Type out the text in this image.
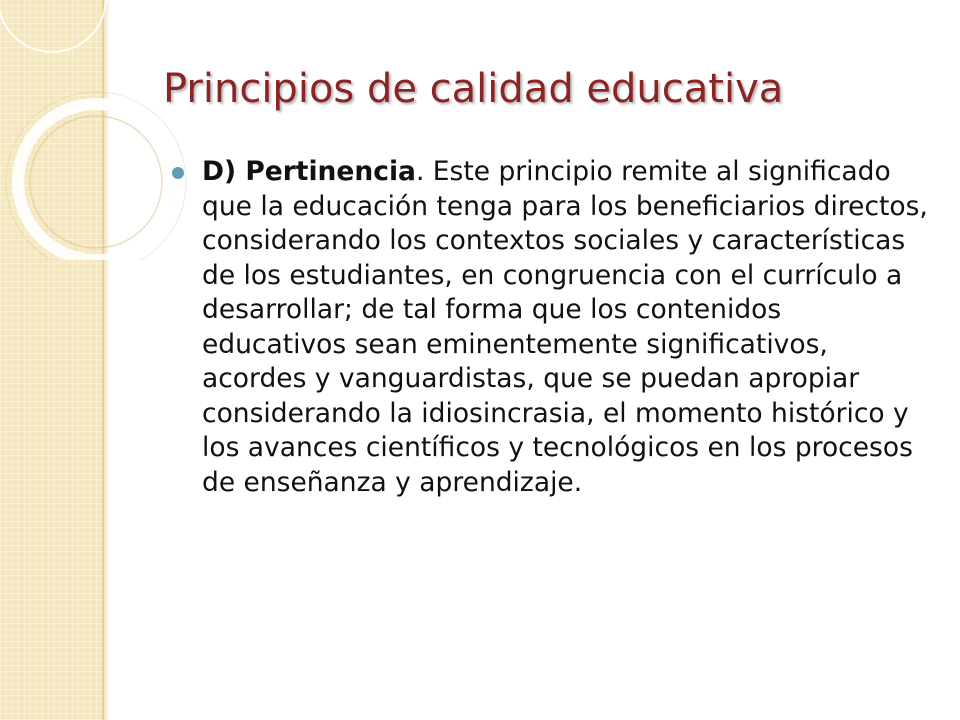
Principios de calidad educativa
D) Pertinencia. Este principio remite al significado que la educación tenga para los beneficiarios directos, considerando los contextos sociales y características de los estudiantes, en congruencia con el currículo a desarrollar; de tal forma que los contenidos educativos sean eminentemente significativos, acordes y vanguardistas, que se puedan apropiar considerando la idiosincrasia, el momento histórico y los avances científicos y tecnológicos en los procesos de enseñanza y aprendizaje.
